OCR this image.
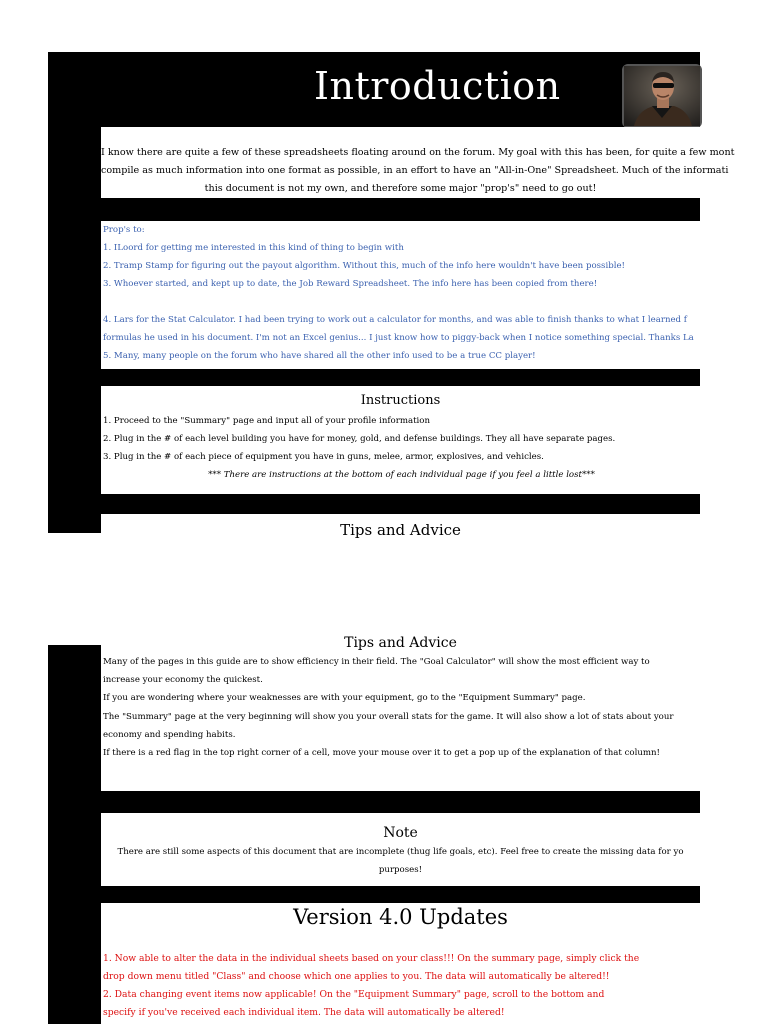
Introduction

I know there are quite a few of these spreadsheets floating around on the forum. My goal with this has been, for quite a few mont

compile as much information into one format as possible, in an effort to have an "All-in-One" Spreadsheet. Much of the informati

this document is not my own, and therefore some major "prop's" need to go out!

Prop's to:

1. ILoord for getting me interested in this kind of thing to begin with

2. Tramp Stamp for figuring out the payout algorithm. Without this, much of the info here wouldn't have been possible!

3. Whoever started, and kept up to date, the Job Reward Spreadsheet. The info here has been copied from there!

4. Lars for the Stat Calculator. I had been trying to work out a calculator for months, and was able to finish thanks to what I learned f

formulas he used in his document. I'm not an Excel genius... I just know how to piggy-back when I notice something special. Thanks La

5. Many, many people on the forum who have shared all the other info used to be a true CC player!

Instructions

1. Proceed to the "Summary" page and input all of your profile information

2. Plug in the # of each level building you have for money, gold, and defense buildings. They all have separate pages.

3. Plug in the # of each piece of equipment you have in guns, melee, armor, explosives, and vehicles.

*** There are instructions at the bottom of each individual page if you feel a little lost***

Tips and Advice

Tips and Advice

Many of the pages in this guide are to show efficiency in their field. The "Goal Calculator" will show the most efficient way to

increase your economy the quickest.

If you are wondering where your weaknesses are with your equipment, go to the "Equipment Summary" page.

The "Summary" page at the very beginning will show you your overall stats for the game. It will also show a lot of stats about your

economy and spending habits.

If there is a red flag in the top right corner of a cell, move your mouse over it to get a pop up of the explanation of that column!

Note

There are still some aspects of this document that are incomplete (thug life goals, etc). Feel free to create the missing data for yo

purposes!

Version 4.0 Updates

1. Now able to alter the data in the individual sheets based on your class!!! On the summary page, simply click the

drop down menu titled "Class" and choose which one applies to you. The data will automatically be altered!!

2. Data changing event items now applicable! On the "Equipment Summary" page, scroll to the bottom and

specify if you've received each individual item. The data will automatically be altered!
